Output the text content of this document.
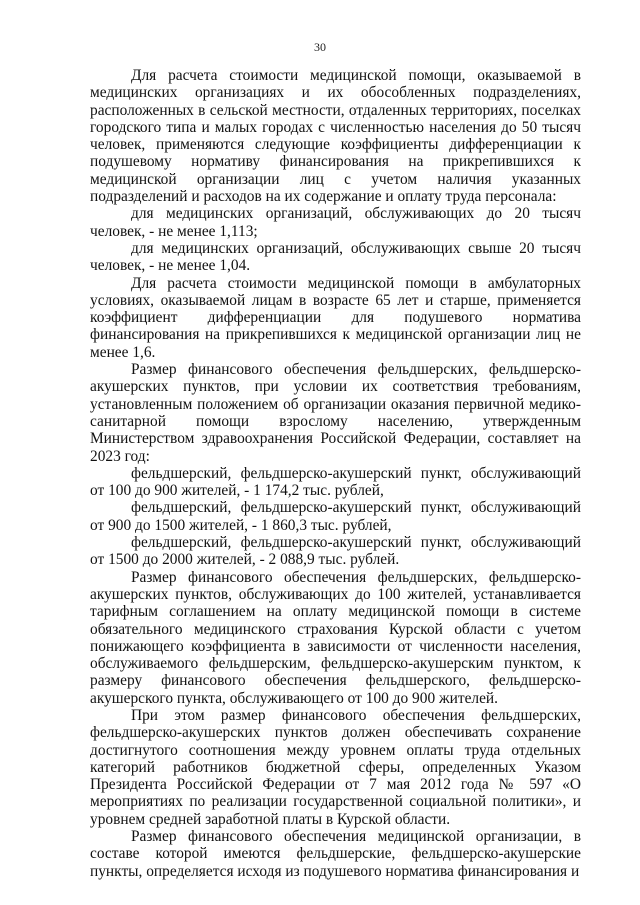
30

Для расчета стоимости медицинской помощи, оказываемой в медицинских организациях и их обособленных подразделениях, расположенных в сельской местности, отдаленных территориях, поселках городского типа и малых городах с численностью населения до 50 тысяч человек, применяются следующие коэффициенты дифференциации к подушевому нормативу финансирования на прикрепившихся к медицинской организации лиц с учетом наличия указанных подразделений и расходов на их содержание и оплату труда персонала:

для медицинских организаций, обслуживающих до 20 тысяч человек, - не менее 1,113;

для медицинских организаций, обслуживающих свыше 20 тысяч человек, - не менее 1,04.

Для расчета стоимости медицинской помощи в амбулаторных условиях, оказываемой лицам в возрасте 65 лет и старше, применяется коэффициент дифференциации для подушевого норматива финансирования на прикрепившихся к медицинской организации лиц не менее 1,6.

Размер финансового обеспечения фельдшерских, фельдшерско-акушерских пунктов, при условии их соответствия требованиям, установленным положением об организации оказания первичной медико-санитарной помощи взрослому населению, утвержденным Министерством здравоохранения Российской Федерации, составляет на 2023 год:

фельдшерский, фельдшерско-акушерский пункт, обслуживающий от 100 до 900 жителей, - 1 174,2 тыс. рублей,

фельдшерский, фельдшерско-акушерский пункт, обслуживающий от 900 до 1500 жителей, - 1 860,3 тыс. рублей,

фельдшерский, фельдшерско-акушерский пункт, обслуживающий от 1500 до 2000 жителей, - 2 088,9 тыс. рублей.

Размер финансового обеспечения фельдшерских, фельдшерско-акушерских пунктов, обслуживающих до 100 жителей, устанавливается тарифным соглашением на оплату медицинской помощи в системе обязательного медицинского страхования Курской области с учетом понижающего коэффициента в зависимости от численности населения, обслуживаемого фельдшерским, фельдшерско-акушерским пунктом, к размеру финансового обеспечения фельдшерского, фельдшерско-акушерского пункта, обслуживающего от 100 до 900 жителей.

При этом размер финансового обеспечения фельдшерских, фельдшерско-акушерских пунктов должен обеспечивать сохранение достигнутого соотношения между уровнем оплаты труда отдельных категорий работников бюджетной сферы, определенных Указом Президента Российской Федерации от 7 мая 2012 года № 597 «О мероприятиях по реализации государственной социальной политики», и уровнем средней заработной платы в Курской области.

Размер финансового обеспечения медицинской организации, в составе которой имеются фельдшерские, фельдшерско-акушерские пункты, определяется исходя из подушевого норматива финансирования и
